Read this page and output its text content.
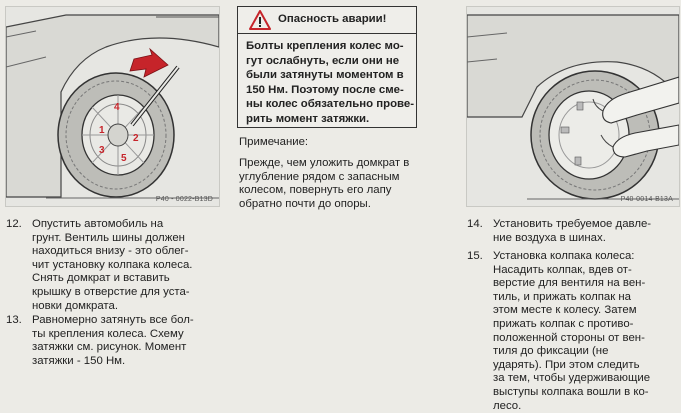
4
1
3
2
5
P40 - 0022-B13D
Опасность аварии!
Болты крепления колес мо-
гут ослабнуть, если они не
были затянуты моментом в
150 Нм. Поэтому после сме-
ны колес обязательно прове-
рить момент затяжки.
Примечание:
Прежде, чем уложить домкрат в
углубление рядом с запасным
колесом, повернуть его лапу
обратно почти до опоры.	P40-0014-B13A
12. Опустить автомобиль на
грунт. Вентиль шины должен
находиться внизу - это облег-
чит установку колпака колеса.
Снять домкрат и вставить
крышку в отверстие для уста-
новки домкрата.
13. Равномерно затянуть все бол-
ты крепления колеса. Схему
затяжки см. рисунок. Момент
затяжки - 150 Нм.
14. Установить требуемое давле-
ние воздуха в шинах.
15. Установка колпака колеса:
Насадить колпак, вдев от-
верстие для вентиля на вен-
тиль, и прижать колпак на
этом месте к колесу. Затем
прижать колпак с противо-
положенной стороны от вен-
тиля до фиксации (не
ударять). При этом следить
за тем, чтобы удерживающие
выступы колпака вошли в ко-
лесо.
